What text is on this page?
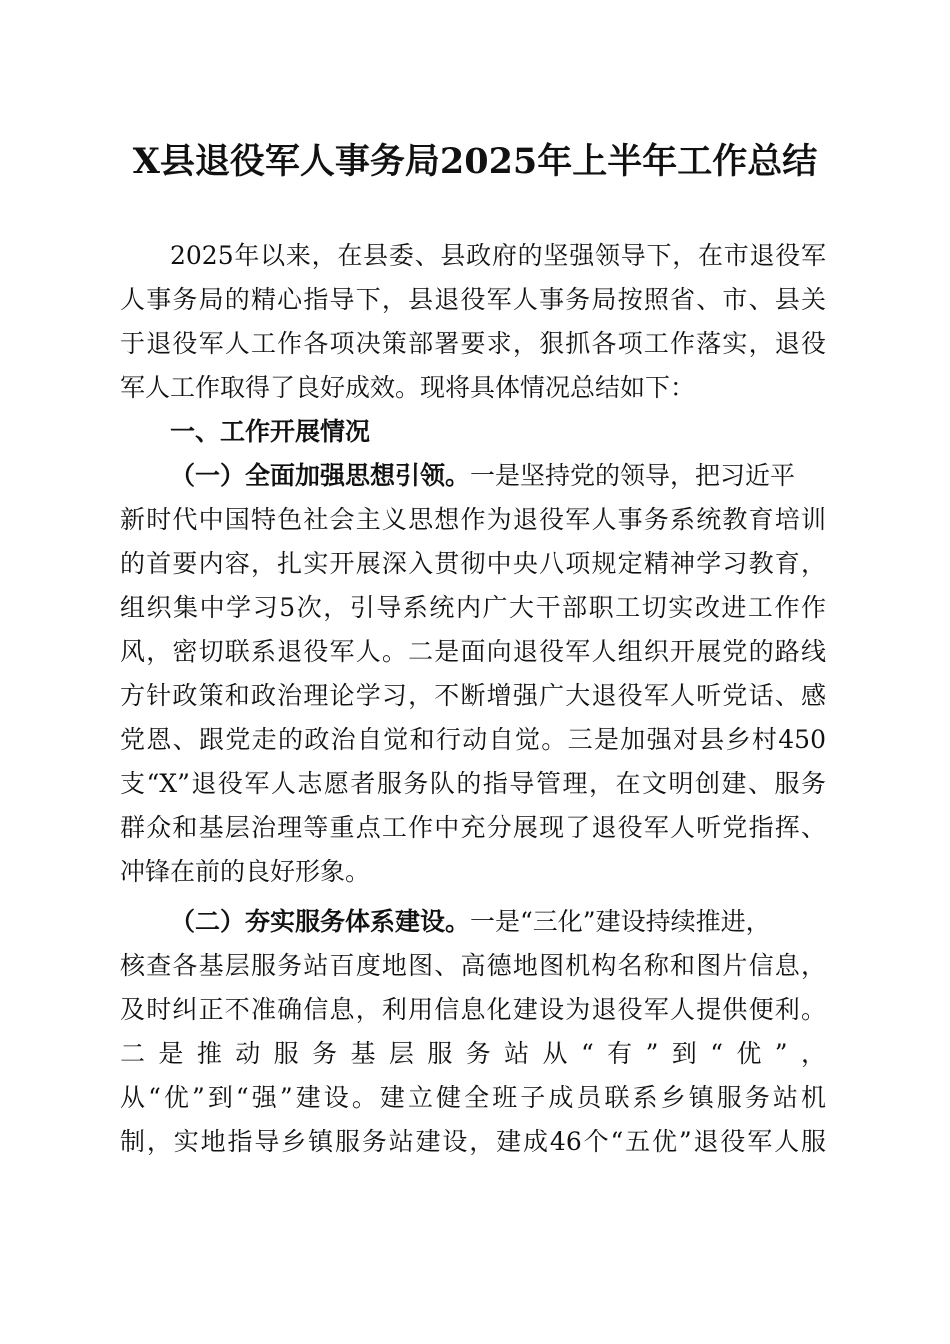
X县退役军人事务局2025年上半年工作总结
2025年以来，在县委、县政府的坚强领导下，在市退役军
人事务局的精心指导下，县退役军人事务局按照省、市、县关
于退役军人工作各项决策部署要求，狠抓各项工作落实，退役
军人工作取得了良好成效。现将具体情况总结如下：
一、工作开展情况
（一）全面加强思想引领。一是坚持党的领导，把习近平
新时代中国特色社会主义思想作为退役军人事务系统教育培训
的首要内容，扎实开展深入贯彻中央八项规定精神学习教育，
组织集中学习5次，引导系统内广大干部职工切实改进工作作
风，密切联系退役军人。二是面向退役军人组织开展党的路线
方针政策和政治理论学习，不断增强广大退役军人听党话、感
党恩、跟党走的政治自觉和行动自觉。三是加强对县乡村450
支“X”退役军人志愿者服务队的指导管理，在文明创建、服务
群众和基层治理等重点工作中充分展现了退役军人听党指挥、
冲锋在前的良好形象。
（二）夯实服务体系建设。一是“三化”建设持续推进，
核查各基层服务站百度地图、高德地图机构名称和图片信息，
及时纠正不准确信息，利用信息化建设为退役军人提供便利。
二是推动服务基层服务站从“有”到“优”，
从“优”到“强”建设。建立健全班子成员联系乡镇服务站机
制，实地指导乡镇服务站建设，建成46个“五优”退役军人服
